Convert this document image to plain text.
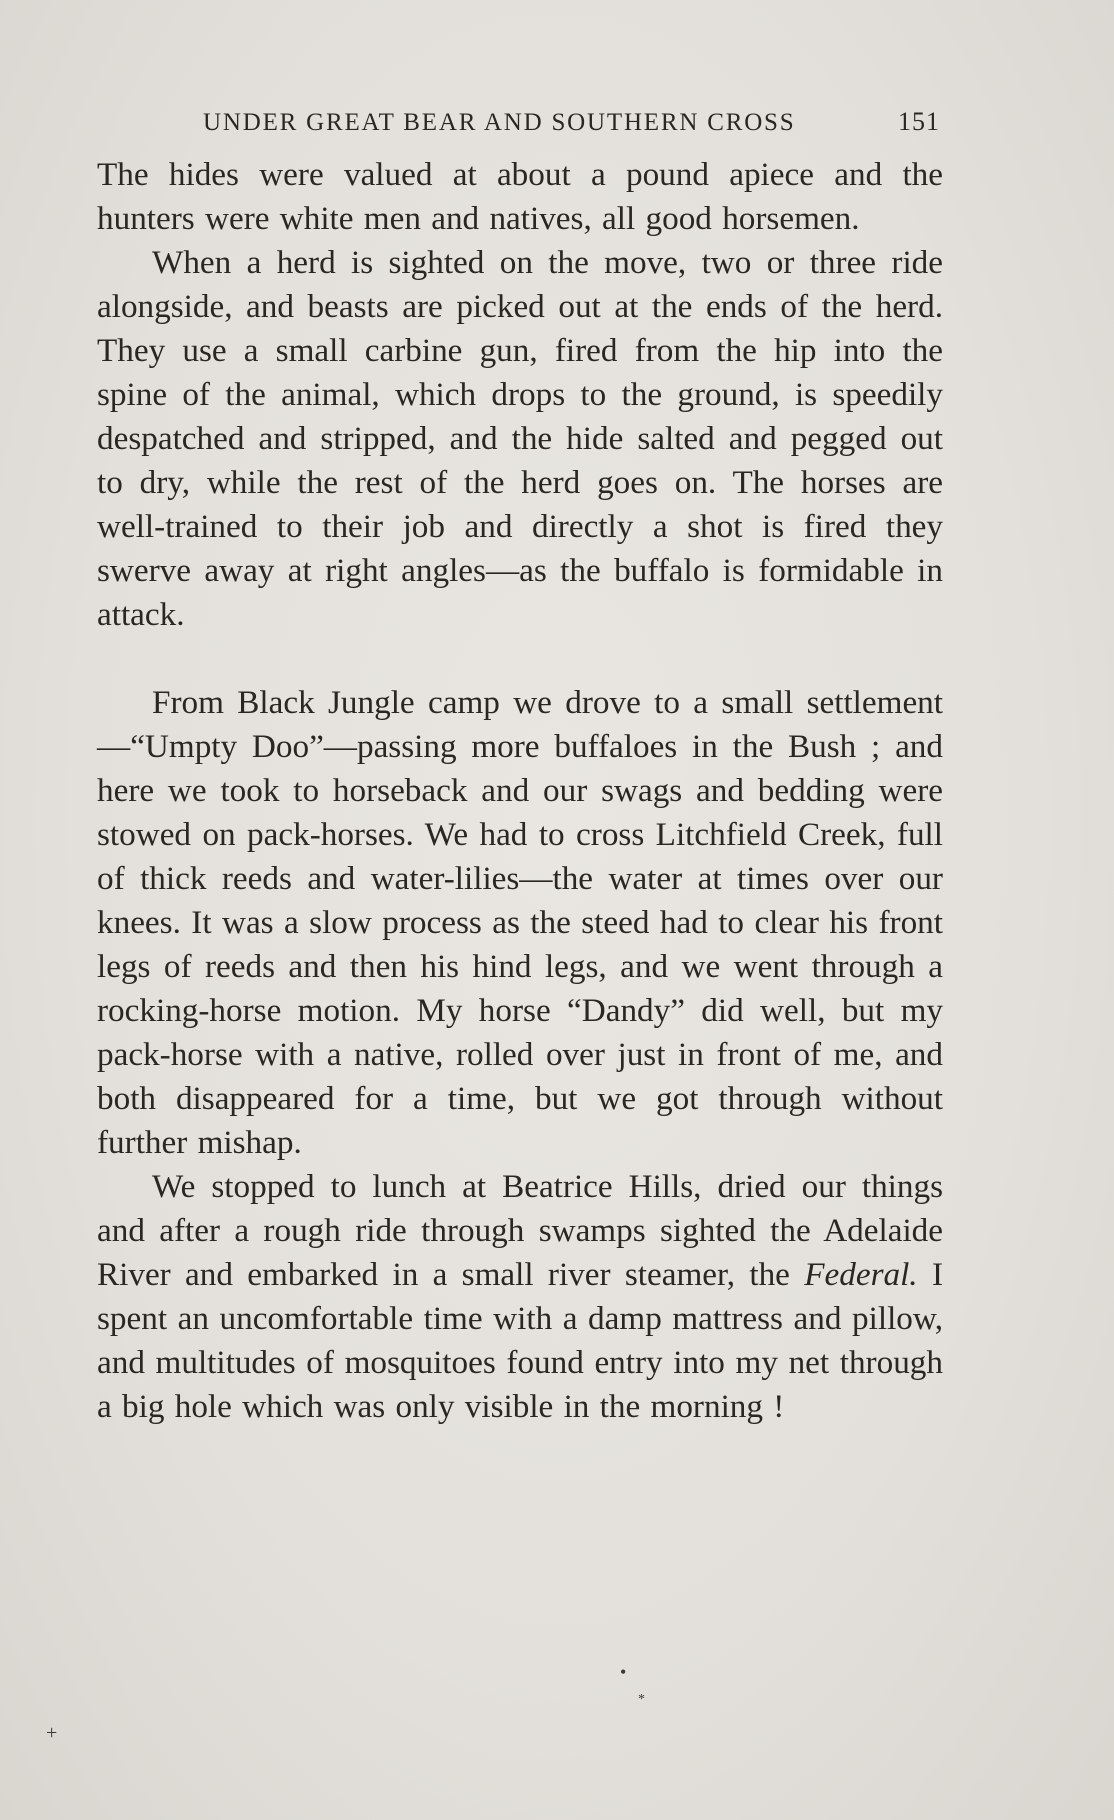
UNDER GREAT BEAR AND SOUTHERN CROSS	151

The hides were valued at about a pound apiece and the hunters were white men and natives, all good horsemen.

When a herd is sighted on the move, two or three ride alongside, and beasts are picked out at the ends of the herd. They use a small carbine gun, fired from the hip into the spine of the animal, which drops to the ground, is speedily despatched and stripped, and the hide salted and pegged out to dry, while the rest of the herd goes on. The horses are well-trained to their job and directly a shot is fired they swerve away at right angles—as the buffalo is formidable in attack.

From Black Jungle camp we drove to a small settlement—“Umpty Doo”—passing more buffaloes in the Bush ; and here we took to horseback and our swags and bedding were stowed on pack-horses. We had to cross Litchfield Creek, full of thick reeds and water-lilies—the water at times over our knees. It was a slow process as the steed had to clear his front legs of reeds and then his hind legs, and we went through a rocking-horse motion. My horse “Dandy” did well, but my pack-horse with a native, rolled over just in front of me, and both disappeared for a time, but we got through without further mishap.

We stopped to lunch at Beatrice Hills, dried our things and after a rough ride through swamps sighted the Adelaide River and embarked in a small river steamer, the Federal. I spent an uncomfortable time with a damp mattress and pillow, and multitudes of mosquitoes found entry into my net through a big hole which was only visible in the morning !

•
*
+
